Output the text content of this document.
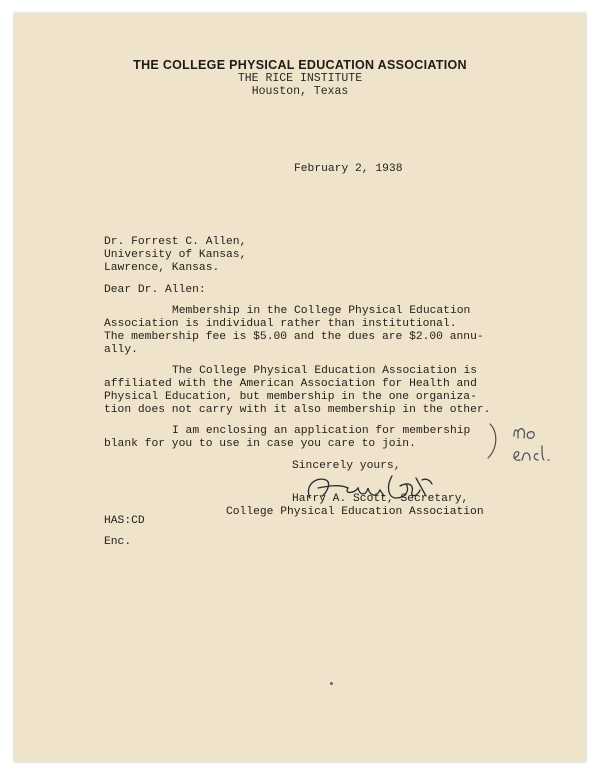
THE COLLEGE PHYSICAL EDUCATION ASSOCIATION
THE RICE INSTITUTE
Houston, Texas
February 2, 1938
Dr. Forrest C. Allen,
University of Kansas,
Lawrence, Kansas.
Dear Dr. Allen:
Membership in the College Physical Education
Association is individual rather than institutional.
The membership fee is $5.00 and the dues are $2.00 annu-
ally.
The College Physical Education Association is
affiliated with the American Association for Health and
Physical Education, but membership in the one organiza-
tion does not carry with it also membership in the other.
I am enclosing an application for membership
blank for you to use in case you care to join.
Sincerely yours,
Harry A. Scott, Secretary,
College Physical Education Association
HAS:CD
Enc.
